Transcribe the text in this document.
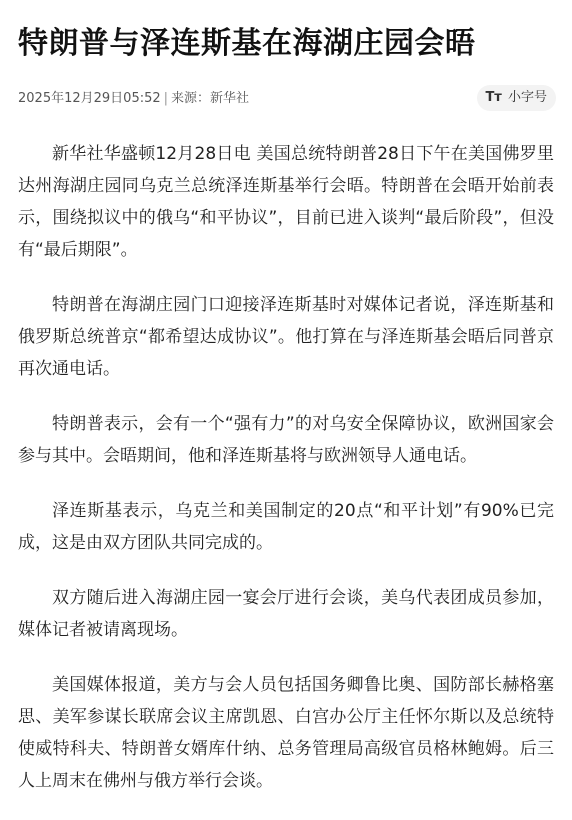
特朗普与泽连斯基在海湖庄园会晤
2025年12月29日05:52 | 来源：新华社	Tт 小字号

新华社华盛顿12月28日电 美国总统特朗普28日下午在美国佛罗里达州海湖庄园同乌克兰总统泽连斯基举行会晤。特朗普在会晤开始前表示，围绕拟议中的俄乌“和平协议”，目前已进入谈判“最后阶段”，但没有“最后期限”。

特朗普在海湖庄园门口迎接泽连斯基时对媒体记者说，泽连斯基和俄罗斯总统普京“都希望达成协议”。他打算在与泽连斯基会晤后同普京再次通电话。

特朗普表示，会有一个“强有力”的对乌安全保障协议，欧洲国家会参与其中。会晤期间，他和泽连斯基将与欧洲领导人通电话。

泽连斯基表示，乌克兰和美国制定的20点“和平计划”有90%已完成，这是由双方团队共同完成的。

双方随后进入海湖庄园一宴会厅进行会谈，美乌代表团成员参加，媒体记者被请离现场。

美国媒体报道，美方与会人员包括国务卿鲁比奥、国防部长赫格塞思、美军参谋长联席会议主席凯恩、白宫办公厅主任怀尔斯以及总统特使威特科夫、特朗普女婿库什纳、总务管理局高级官员格林鲍姆。后三人上周末在佛州与俄方举行会谈。
